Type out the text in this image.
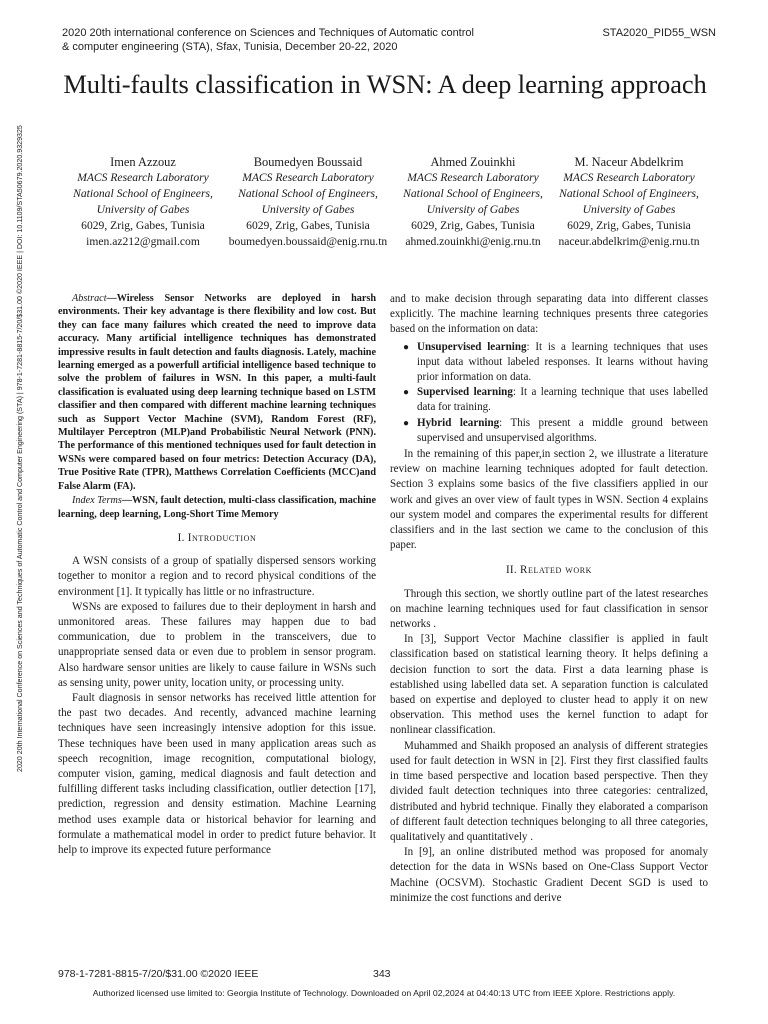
2020 20th international conference on Sciences and Techniques of Automatic control & computer engineering (STA), Sfax, Tunisia, December 20-22, 2020
STA2020_PID55_WSN
2020 20th International Conference on Sciences and Techniques of Automatic Control and Computer Engineering (STA) | 978-1-7281-8815-7/20/$31.00 ©2020 IEEE | DOI: 10.1109/STA50679.2020.9329325
Multi-faults classification in WSN: A deep learning approach
Imen Azzouz
MACS Research Laboratory
National School of Engineers,
University of Gabes
6029, Zrig, Gabes, Tunisia
imen.az212@gmail.com
Boumedyen Boussaid
MACS Research Laboratory
National School of Engineers,
University of Gabes
6029, Zrig, Gabes, Tunisia
boumedyen.boussaid@enig.rnu.tn
Ahmed Zouinkhi
MACS Research Laboratory
National School of Engineers,
University of Gabes
6029, Zrig, Gabes, Tunisia
ahmed.zouinkhi@enig.rnu.tn
M. Naceur Abdelkrim
MACS Research Laboratory
National School of Engineers,
University of Gabes
6029, Zrig, Gabes, Tunisia
naceur.abdelkrim@enig.rnu.tn

Abstract—Wireless Sensor Networks are deployed in harsh environments. Their key advantage is there flexibility and low cost. But they can face many failures which created the need to improve data accuracy. Many artificial intelligence techniques has demonstrated impressive results in fault detection and faults diagnosis. Lately, machine learning emerged as a powerfull artificial intelligence based technique to solve the problem of failures in WSN. In this paper, a multi-fault classification is evaluated using deep learning technique based on LSTM classifier and then compared with different machine learning techniques such as Support Vector Machine (SVM), Random Forest (RF), Multilayer Perceptron (MLP)and Probabilistic Neural Network (PNN). The performance of this mentioned techniques used for fault detection in WSNs were compared based on four metrics: Detection Accuracy (DA), True Positive Rate (TPR), Matthews Correlation Coefficients (MCC)and False Alarm (FA).

Index Terms—WSN, fault detection, multi-class classification, machine learning, deep learning, Long-Short Time Memory

I. Introduction

A WSN consists of a group of spatially dispersed sensors working together to monitor a region and to record physical conditions of the environment [1]. It typically has little or no infrastructure.

WSNs are exposed to failures due to their deployment in harsh and unmonitored areas. These failures may happen due to bad communication, due to problem in the transceivers, due to unappropriate sensed data or even due to problem in sensor program. Also hardware sensor unities are likely to cause failure in WSNs such as sensing unity, power unity, location unity, or processing unity.

Fault diagnosis in sensor networks has received little attention for the past two decades. And recently, advanced machine learning techniques have seen increasingly intensive adoption for this issue. These techniques have been used in many application areas such as speech recognition, image recognition, computational biology, computer vision, gaming, medical diagnosis and fault detection and fulfilling different tasks including classification, outlier detection [17], prediction, regression and density estimation. Machine Learning method uses example data or historical behavior for learning and formulate a mathematical model in order to predict future behavior. It help to improve its expected future performance

and to make decision through separating data into different classes explicitly. The machine learning techniques presents three categories based on the information on data:

● Unsupervised learning: It is a learning techniques that uses input data without labeled responses. It learns without having prior information on data.
● Supervised learning: It a learning technique that uses labelled data for training.
● Hybrid learning: This present a middle ground between supervised and unsupervised algorithms.

In the remaining of this paper,in section 2, we illustrate a literature review on machine learning techniques adopted for fault detection. Section 3 explains some basics of the five classifiers applied in our work and gives an over view of fault types in WSN. Section 4 explains our system model and compares the experimental results for different classifiers and in the last section we came to the conclusion of this paper.

II. Related work

Through this section, we shortly outline part of the latest researches on machine learning techniques used for faut classification in sensor networks .

In [3], Support Vector Machine classifier is applied in fault classification based on statistical learning theory. It helps defining a decision function to sort the data. First a data learning phase is established using labelled data set. A separation function is calculated based on expertise and deployed to cluster head to apply it on new observation. This method uses the kernel function to adapt for nonlinear classification.

Muhammed and Shaikh proposed an analysis of different strategies used for fault detection in WSN in [2]. First they first classified faults in time based perspective and location based perspective. Then they divided fault detection techniques into three categories: centralized, distributed and hybrid technique. Finally they elaborated a comparison of different fault detection techniques belonging to all three categories, qualitatively and quantitatively .

In [9], an online distributed method was proposed for anomaly detection for the data in WSNs based on One-Class Support Vector Machine (OCSVM). Stochastic Gradient Decent SGD is used to minimize the cost functions and derive

978-1-7281-8815-7/20/$31.00 ©2020 IEEE	343
Authorized licensed use limited to: Georgia Institute of Technology. Downloaded on April 02,2024 at 04:40:13 UTC from IEEE Xplore. Restrictions apply.
